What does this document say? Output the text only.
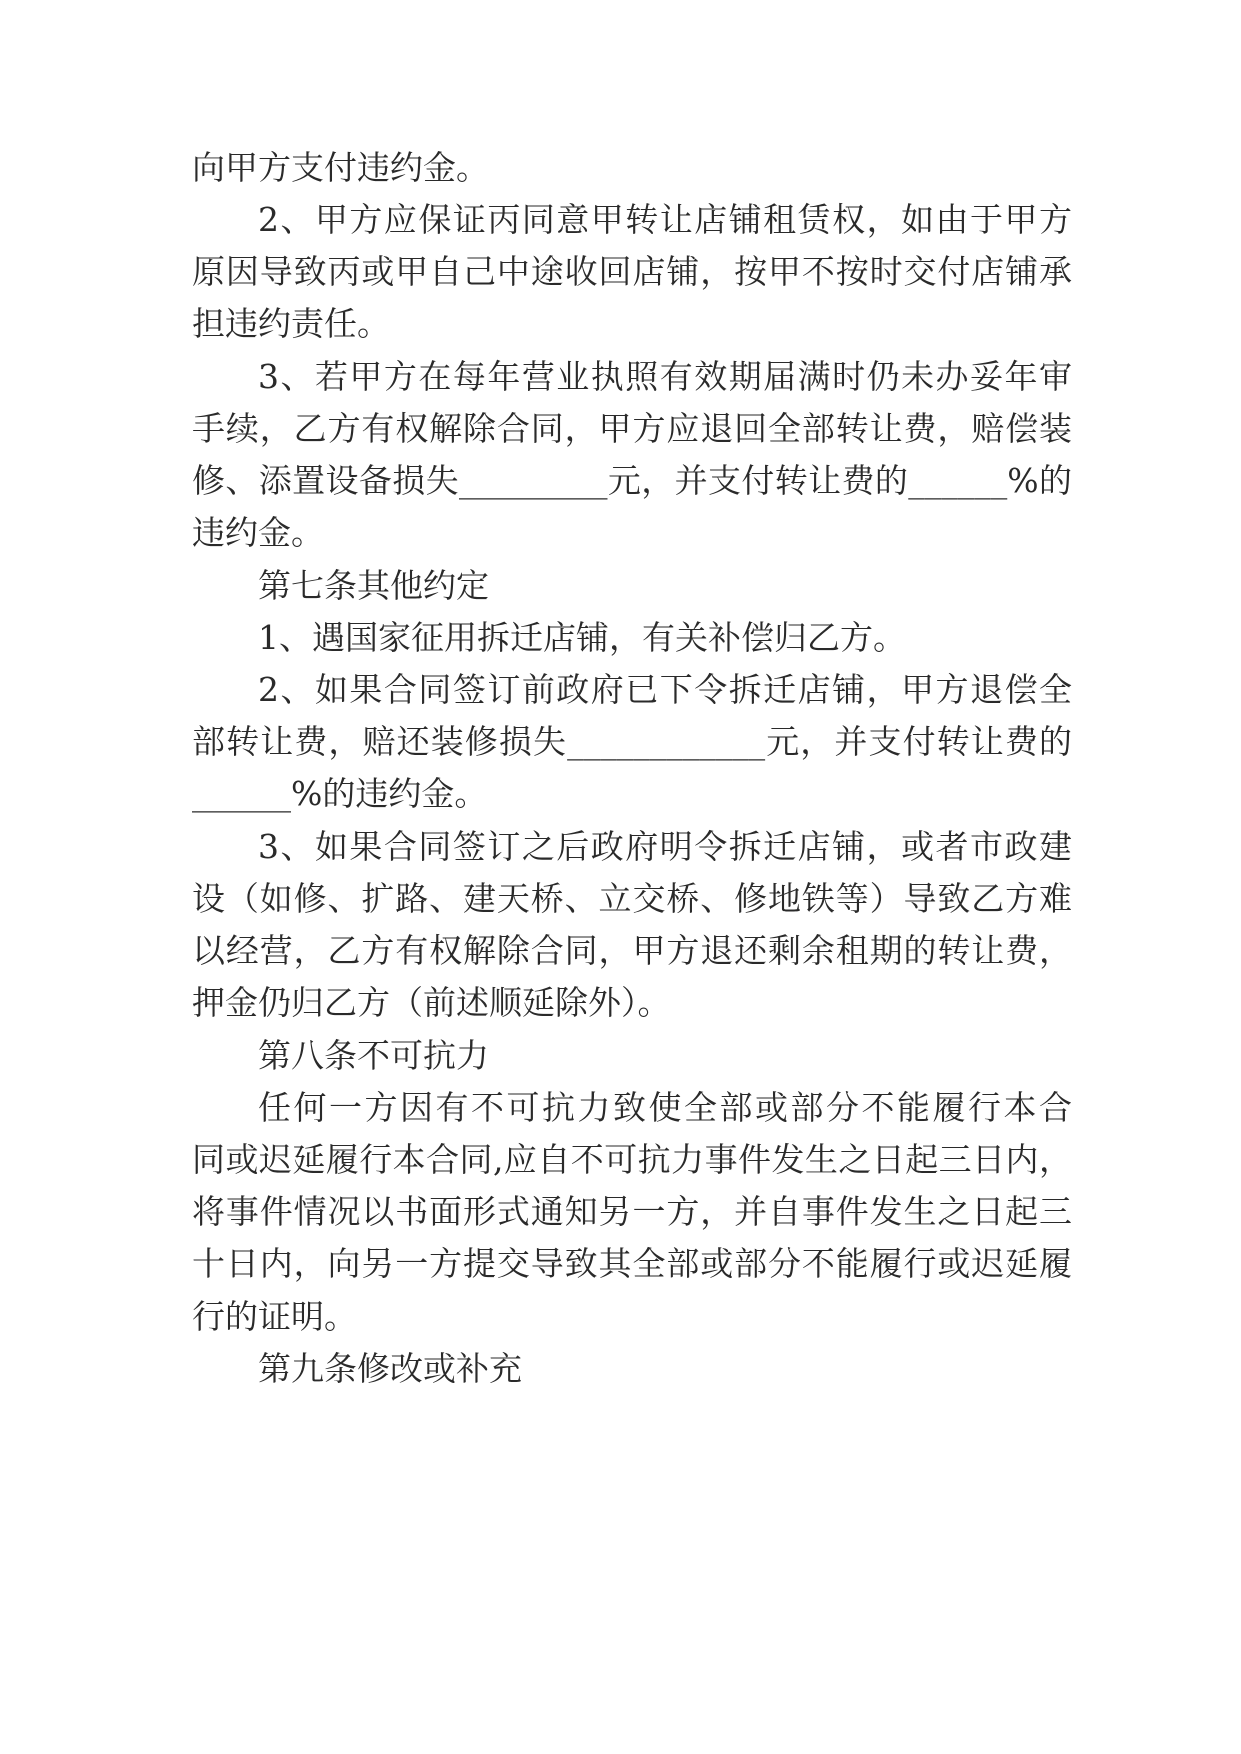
向甲方支付违约金。
2、甲方应保证丙同意甲转让店铺租赁权，如由于甲方
原因导致丙或甲自己中途收回店铺，按甲不按时交付店铺承
担违约责任。
3、若甲方在每年营业执照有效期届满时仍未办妥年审
手续，乙方有权解除合同，甲方应退回全部转让费，赔偿装
修、添置设备损失_________元，并支付转让费的______%的
违约金。
第七条其他约定
1、遇国家征用拆迁店铺，有关补偿归乙方。
2、如果合同签订前政府已下令拆迁店铺，甲方退偿全
部转让费，赔还装修损失____________元，并支付转让费的
______%的违约金。
3、如果合同签订之后政府明令拆迁店铺，或者市政建
设（如修、扩路、建天桥、立交桥、修地铁等）导致乙方难
以经营，乙方有权解除合同，甲方退还剩余租期的转让费，
押金仍归乙方（前述顺延除外）。
第八条不可抗力
任何一方因有不可抗力致使全部或部分不能履行本合
同或迟延履行本合同,应自不可抗力事件发生之日起三日内，
将事件情况以书面形式通知另一方，并自事件发生之日起三
十日内，向另一方提交导致其全部或部分不能履行或迟延履
行的证明。
第九条修改或补充
